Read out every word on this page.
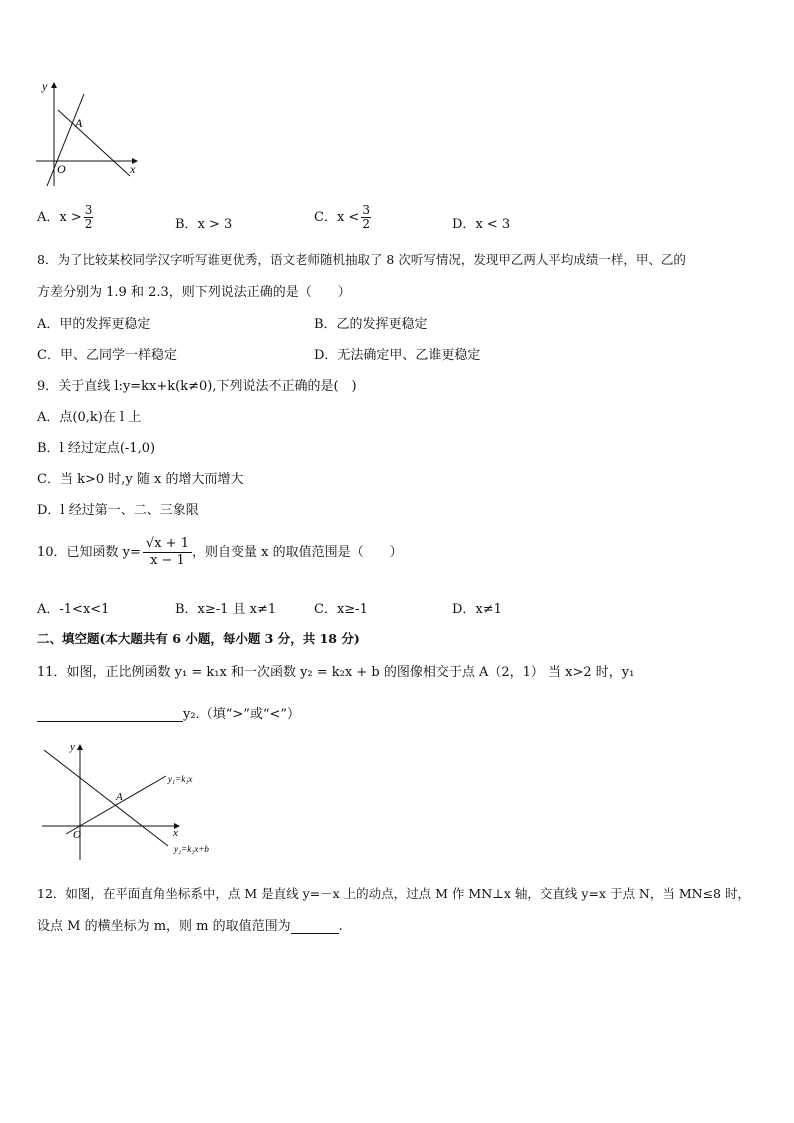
y
x
O
A
A．$x > \frac{3}{2}$	B．x > 3	C．$x < \frac{3}{2}$	D．x < 3
8．为了比较某校同学汉字听写谁更优秀，语文老师随机抽取了 8 次听写情况，发现甲乙两人平均成绩一样，甲、乙的
方差分别为 1.9 和 2.3，则下列说法正确的是（　　）
A．甲的发挥更稳定	B．乙的发挥更稳定
C．甲、乙同学一样稳定	D．无法确定甲、乙谁更稳定
9．关于直线 l:y=kx+k(k≠0),下列说法不正确的是(　)
A．点(0,k)在 l 上
B．l 经过定点(-1,0)
C．当 k>0 时,y 随 x 的增大而增大
D．l 经过第一、二、三象限
10．已知函数 $y= \frac{√x + 1}{x - 1}$ ，则自变量 x 的取值范围是（　　）
A．-1<x<1	B．x≥-1 且 x≠1	C．x≥-1	D．x≠1
二、填空题(本大题共有 6 小题，每小题 3 分，共 18 分)
11．如图，正比例函数 y₁ = k₁x 和一次函数 y₂ = k₂x + b 的图像相交于点 A（2，1） 当 x>2 时，y₁
y₂.（填“>”或“<”）
y
x
O
A
y₁=k₁x
y₂=k₂x+b
12．如图，在平面直角坐标系中，点 M 是直线 y=－x 上的动点，过点 M 作 MN⊥x 轴，交直线 y=x 于点 N，当 MN≤8 时，
设点 M 的横坐标为 m，则 m 的取值范围为	.
